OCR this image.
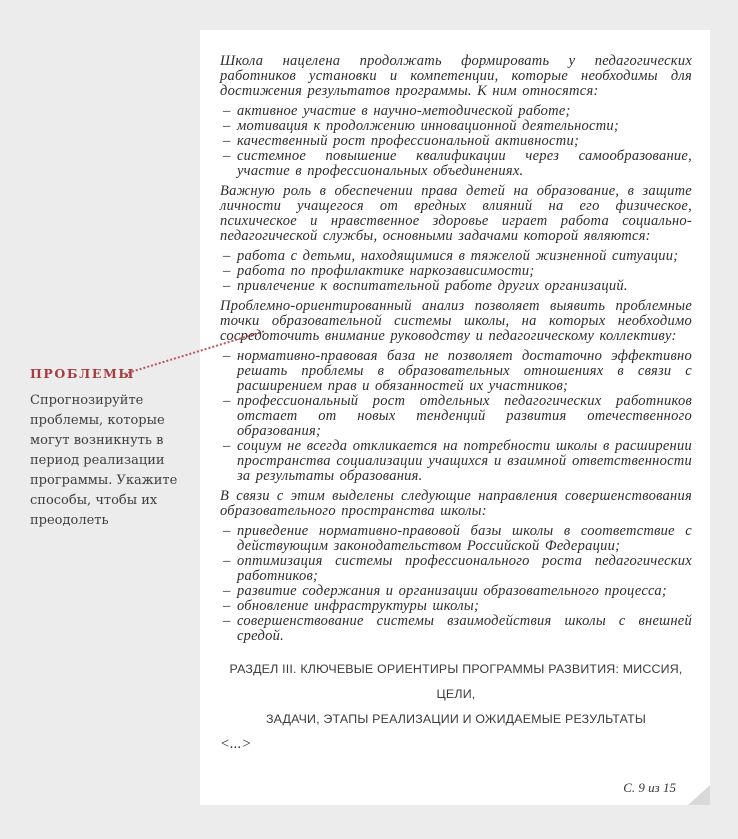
ПРОБЛЕМЫ
Спрогнозируйте проблемы, которые могут возникнуть в период реализации программы. Укажите способы, чтобы их преодолеть
Школа нацелена продолжать формировать у педагогических работников установки и компетенции, которые необходимы для достижения результатов программы. К ним относятся:
– активное участие в научно-методической работе;
– мотивация к продолжению инновационной деятельности;
– качественный рост профессиональной активности;
– системное повышение квалификации через самообразование, участие в профессиональных объединениях.
Важную роль в обеспечении права детей на образование, в защите личности учащегося от вредных влияний на его физическое, психическое и нравственное здоровье играет работа социально-педагогической службы, основными задачами которой являются:
– работа с детьми, находящимися в тяжелой жизненной ситуации;
– работа по профилактике наркозависимости;
– привлечение к воспитательной работе других организаций.
Проблемно-ориентированный анализ позволяет выявить проблемные точки образовательной системы школы, на которых необходимо сосредоточить внимание руководству и педагогическому коллективу:
– нормативно-правовая база не позволяет достаточно эффективно решать проблемы в образовательных отношениях в связи с расширением прав и обязанностей их участников;
– профессиональный рост отдельных педагогических работников отстает от новых тенденций развития отечественного образования;
– социум не всегда откликается на потребности школы в расширении пространства социализации учащихся и взаимной ответственности за результаты образования.
В связи с этим выделены следующие направления совершенствования образовательного пространства школы:
– приведение нормативно-правовой базы школы в соответствие с действующим законодательством Российской Федерации;
– оптимизация системы профессионального роста педагогических работников;
– развитие содержания и организации образовательного процесса;
– обновление инфраструктуры школы;
– совершенствование системы взаимодействия школы с внешней средой.
РАЗДЕЛ III. КЛЮЧЕВЫЕ ОРИЕНТИРЫ ПРОГРАММЫ РАЗВИТИЯ: МИССИЯ, ЦЕЛИ,
ЗАДАЧИ, ЭТАПЫ РЕАЛИЗАЦИИ И ОЖИДАЕМЫЕ РЕЗУЛЬТАТЫ
<...>
С. 9 из 15
